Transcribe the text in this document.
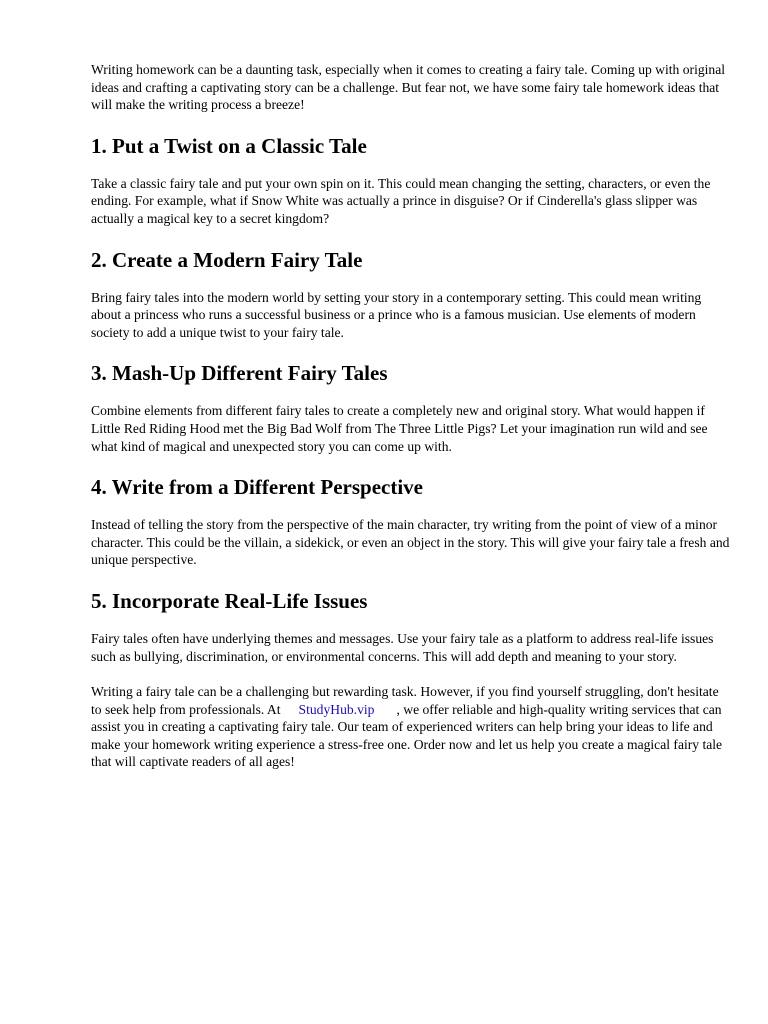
Writing homework can be a daunting task, especially when it comes to creating a fairy tale. Coming up with original ideas and crafting a captivating story can be a challenge. But fear not, we have some fairy tale homework ideas that will make the writing process a breeze!

1. Put a Twist on a Classic Tale

Take a classic fairy tale and put your own spin on it. This could mean changing the setting, characters, or even the ending. For example, what if Snow White was actually a prince in disguise? Or if Cinderella's glass slipper was actually a magical key to a secret kingdom?

2. Create a Modern Fairy Tale

Bring fairy tales into the modern world by setting your story in a contemporary setting. This could mean writing about a princess who runs a successful business or a prince who is a famous musician. Use elements of modern society to add a unique twist to your fairy tale.

3. Mash-Up Different Fairy Tales

Combine elements from different fairy tales to create a completely new and original story. What would happen if Little Red Riding Hood met the Big Bad Wolf from The Three Little Pigs? Let your imagination run wild and see what kind of magical and unexpected story you can come up with.

4. Write from a Different Perspective

Instead of telling the story from the perspective of the main character, try writing from the point of view of a minor character. This could be the villain, a sidekick, or even an object in the story. This will give your fairy tale a fresh and unique perspective.

5. Incorporate Real-Life Issues

Fairy tales often have underlying themes and messages. Use your fairy tale as a platform to address real-life issues such as bullying, discrimination, or environmental concerns. This will add depth and meaning to your story.

Writing a fairy tale can be a challenging but rewarding task. However, if you find yourself struggling, don't hesitate to seek help from professionals. At StudyHub.vip , we offer reliable and high-quality writing services that can assist you in creating a captivating fairy tale. Our team of experienced writers can help bring your ideas to life and make your homework writing experience a stress-free one. Order now and let us help you create a magical fairy tale that will captivate readers of all ages!
